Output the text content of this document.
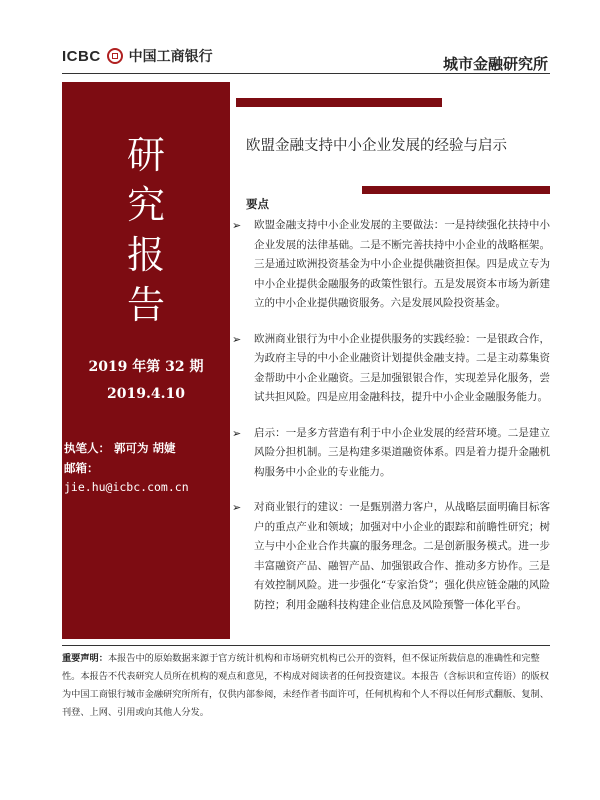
ICBC 中国工商银行	城市金融研究所
研
究
报
告
2019 年第 32 期
2019.4.10
执笔人： 郭可为 胡婕
邮箱：
jie.hu@icbc.com.cn
欧盟金融支持中小企业发展的经验与启示
要点
➢	欧盟金融支持中小企业发展的主要做法：一是持续强化扶持中小企业发展的法律基础。二是不断完善扶持中小企业的战略框架。三是通过欧洲投资基金为中小企业提供融资担保。四是成立专为中小企业提供金融服务的政策性银行。五是发展资本市场为新建立的中小企业提供融资服务。六是发展风险投资基金。
➢	欧洲商业银行为中小企业提供服务的实践经验：一是银政合作，为政府主导的中小企业融资计划提供金融支持。二是主动募集资金帮助中小企业融资。三是加强银银合作，实现差异化服务，尝试共担风险。四是应用金融科技，提升中小企业金融服务能力。
➢	启示：一是多方营造有利于中小企业发展的经营环境。二是建立风险分担机制。三是构建多渠道融资体系。四是着力提升金融机构服务中小企业的专业能力。
➢	对商业银行的建议：一是甄别潜力客户，从战略层面明确目标客户的重点产业和领域；加强对中小企业的跟踪和前瞻性研究；树立与中小企业合作共赢的服务理念。二是创新服务模式。进一步丰富融资产品、融智产品、加强银政合作、推动多方协作。三是有效控制风险。进一步强化“专家治贷”；强化供应链金融的风险防控；利用金融科技构建企业信息及风险预警一体化平台。
重要声明：本报告中的原始数据来源于官方统计机构和市场研究机构已公开的资料，但不保证所载信息的准确性和完整性。本报告不代表研究人员所在机构的观点和意见，不构成对阅读者的任何投资建议。本报告（含标识和宣传语）的版权为中国工商银行城市金融研究所所有，仅供内部参阅，未经作者书面许可，任何机构和个人不得以任何形式翻版、复制、刊登、上网、引用或向其他人分发。
